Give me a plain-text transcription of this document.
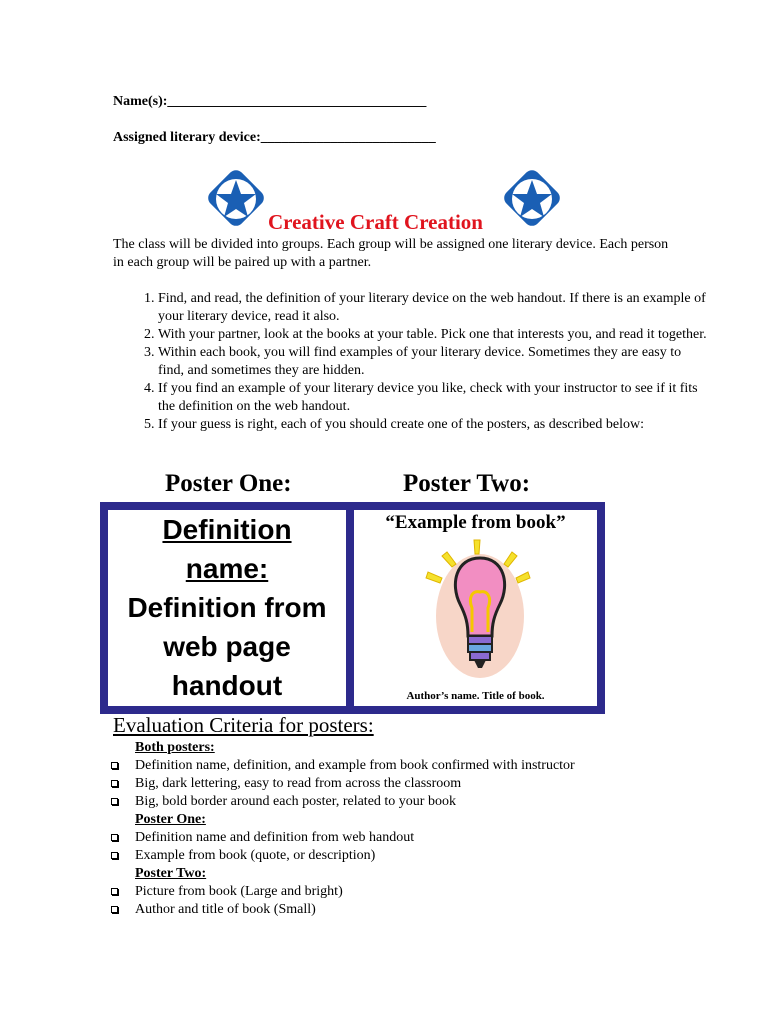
Name(s):_____________________________________
Assigned literary device:_________________________
Creative Craft Creation
The class will be divided into groups. Each group will be assigned one literary device. Each person in each group will be paired up with a partner.
1. Find, and read, the definition of your literary device on the web handout. If there is an example of your literary device, read it also.
2. With your partner, look at the books at your table. Pick one that interests you, and read it together.
3. Within each book, you will find examples of your literary device. Sometimes they are easy to find, and sometimes they are hidden.
4. If you find an example of your literary device you like, check with your instructor to see if it fits the definition on the web handout.
5. If your guess is right, each of you should create one of the posters, as described below:
Poster One:	Poster Two:
Definition
name:
Definition from
web page
handout
“Example from book”
Author’s name. Title of book.
Evaluation Criteria for posters:
Both posters:
Definition name, definition, and example from book confirmed with instructor
Big, dark lettering, easy to read from across the classroom
Big, bold border around each poster, related to your book
Poster One:
Definition name and definition from web handout
Example from book (quote, or description)
Poster Two:
Picture from book (Large and bright)
Author and title of book (Small)
